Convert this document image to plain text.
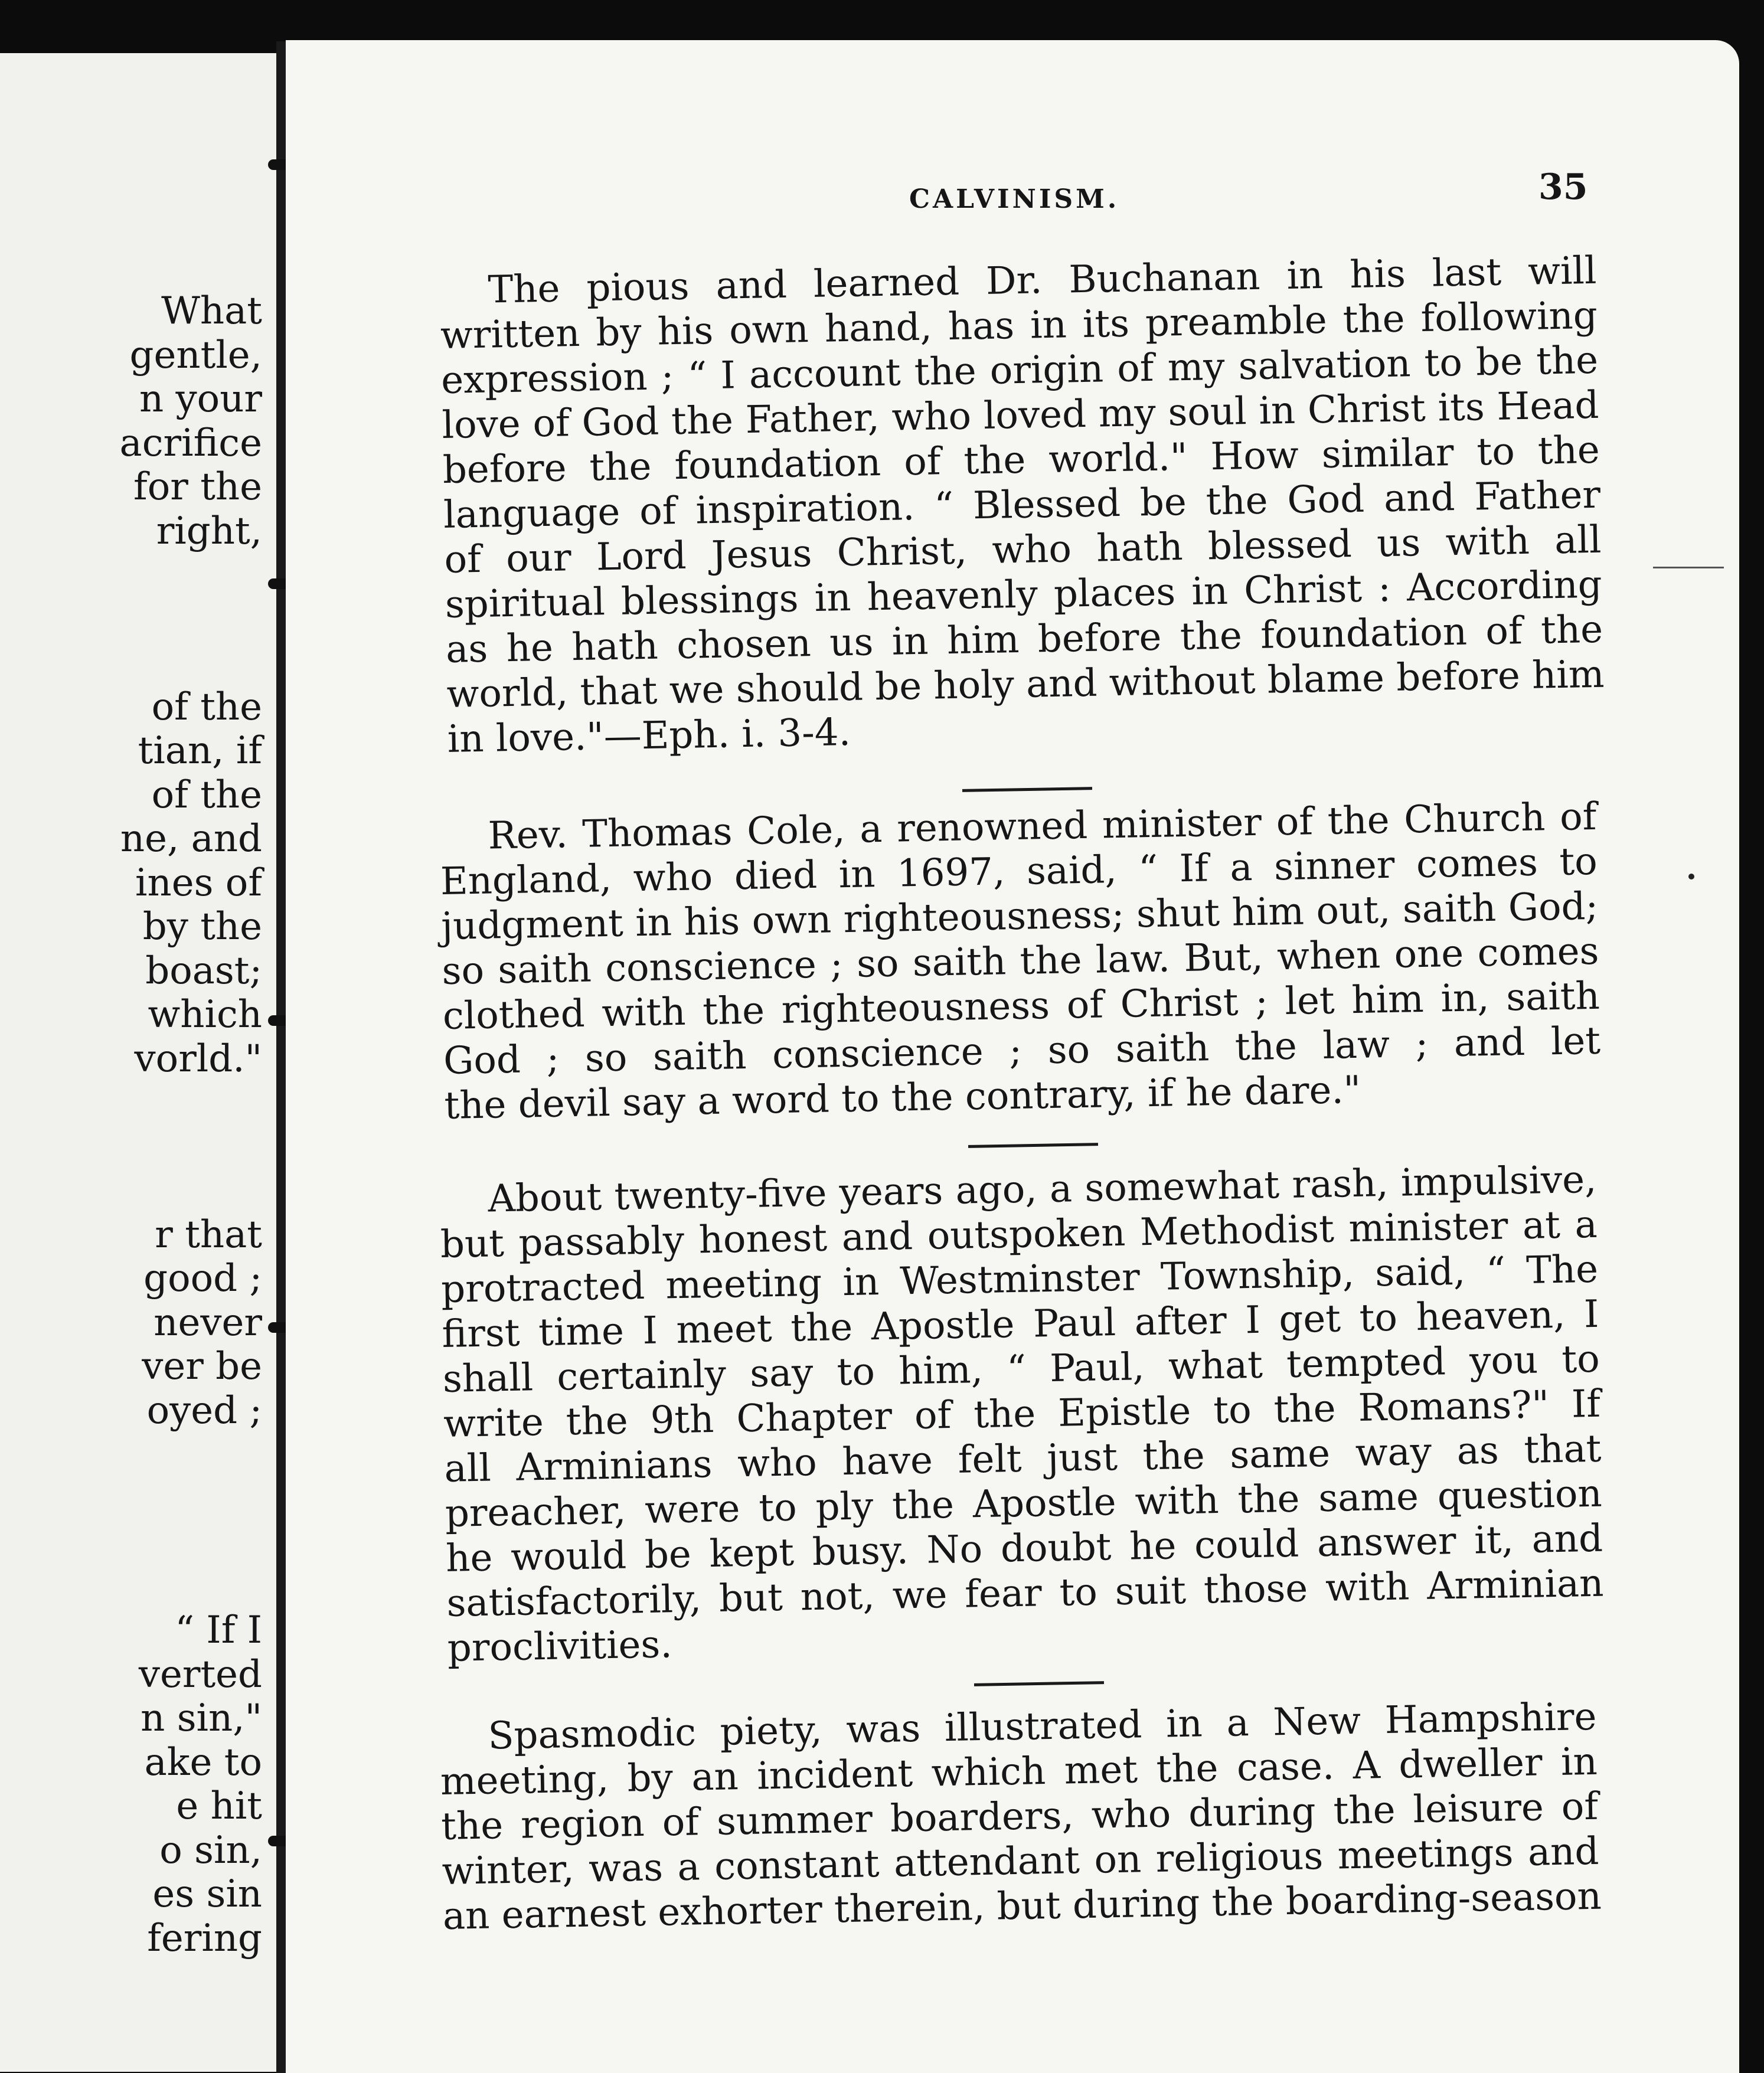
What
gentle,
n your
acrifice
for the
right,
of the
tian, if
of the
ne, and
ines of
by the
boast;
which
vorld."
r that
good ;
never
ver be
oyed ;
“ If I
verted
n sin,"
ake to
e hit
o sin,
es sin
fering
CALVINISM.	35
The pious and learned Dr. Buchanan in his last will
written by his own hand, has in its preamble the following
expression ; “ I account the origin of my salvation to be the
love of God the Father, who loved my soul in Christ its Head
before the foundation of the world." How similar to the
language of inspiration. “ Blessed be the God and Father
of our Lord Jesus Christ, who hath blessed us with all
spiritual blessings in heavenly places in Christ : According
as he hath chosen us in him before the foundation of the
world, that we should be holy and without blame before him
in love."—Eph. i. 3-4.
Rev. Thomas Cole, a renowned minister of the Church of
England, who died in 1697, said, “ If a sinner comes to
judgment in his own righteousness; shut him out, saith God;
so saith conscience ; so saith the law. But, when one comes
clothed with the righteousness of Christ ; let him in, saith
God ; so saith conscience ; so saith the law ; and let
the devil say a word to the contrary, if he dare."
About twenty-five years ago, a somewhat rash, impulsive,
but passably honest and outspoken Methodist minister at a
protracted meeting in Westminster Township, said, “ The
first time I meet the Apostle Paul after I get to heaven, I
shall certainly say to him, “ Paul, what tempted you to
write the 9th Chapter of the Epistle to the Romans?" If
all Arminians who have felt just the same way as that
preacher, were to ply the Apostle with the same question
he would be kept busy. No doubt he could answer it, and
satisfactorily, but not, we fear to suit those with Arminian
proclivities.
Spasmodic piety, was illustrated in a New Hampshire
meeting, by an incident which met the case. A dweller in
the region of summer boarders, who during the leisure of
winter, was a constant attendant on religious meetings and
an earnest exhorter therein, but during the boarding-season
